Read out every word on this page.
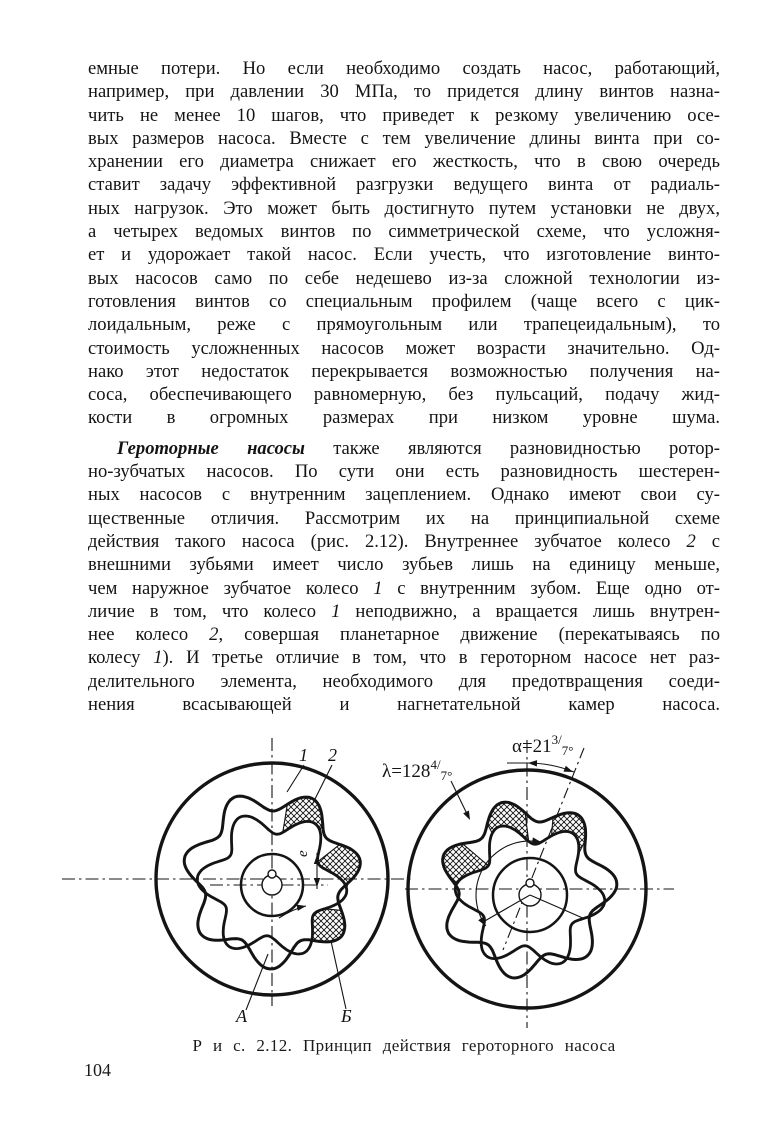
емные потери. Но если необходимо создать насос, работающий,
например, при давлении 30 МПа, то придется длину винтов назна-
чить не менее 10 шагов, что приведет к резкому увеличению осе-
вых размеров насоса. Вместе с тем увеличение длины винта при со-
хранении его диаметра снижает его жесткость, что в свою очередь
ставит задачу эффективной разгрузки ведущего винта от радиаль-
ных нагрузок. Это может быть достигнуто путем установки не двух,
а четырех ведомых винтов по симметрической схеме, что усложня-
ет и удорожает такой насос. Если учесть, что изготовление винто-
вых насосов само по себе недешево из-за сложной технологии из-
готовления винтов со специальным профилем (чаще всего с цик-
лоидальным, реже с прямоугольным или трапецеидальным), то
стоимость усложненных насосов может возрасти значительно. Од-
нако этот недостаток перекрывается возможностью получения на-
соса, обеспечивающего равномерную, без пульсаций, подачу жид-
кости в огромных размерах при низком уровне шума.
Героторные насосы также являются разновидностью ротор-
но-зубчатых насосов. По сути они есть разновидность шестерен-
ных насосов с внутренним зацеплением. Однако имеют свои су-
щественные отличия. Рассмотрим их на принципиальной схеме
действия такого насоса (рис. 2.12). Внутреннее зубчатое колесо 2 с
внешними зубьями имеет число зубьев лишь на единицу меньше,
чем наружное зубчатое колесо 1 с внутренним зубом. Еще одно от-
личие в том, что колесо 1 неподвижно, а вращается лишь внутрен-
нее колесо 2, совершая планетарное движение (перекатываясь по
колесу 1). И третье отличие в том, что в героторном насосе нет раз-
делительного элемента, необходимого для предотвращения соеди-
нения всасывающей и нагнетательной камер насоса.
1 2
e
А	Б
$\lambda=128^{4/}_{7^\circ}$
$\alpha=21^{3/}_{7^\circ}$
Р и с. 2.12. Принцип действия героторного насоса
104
